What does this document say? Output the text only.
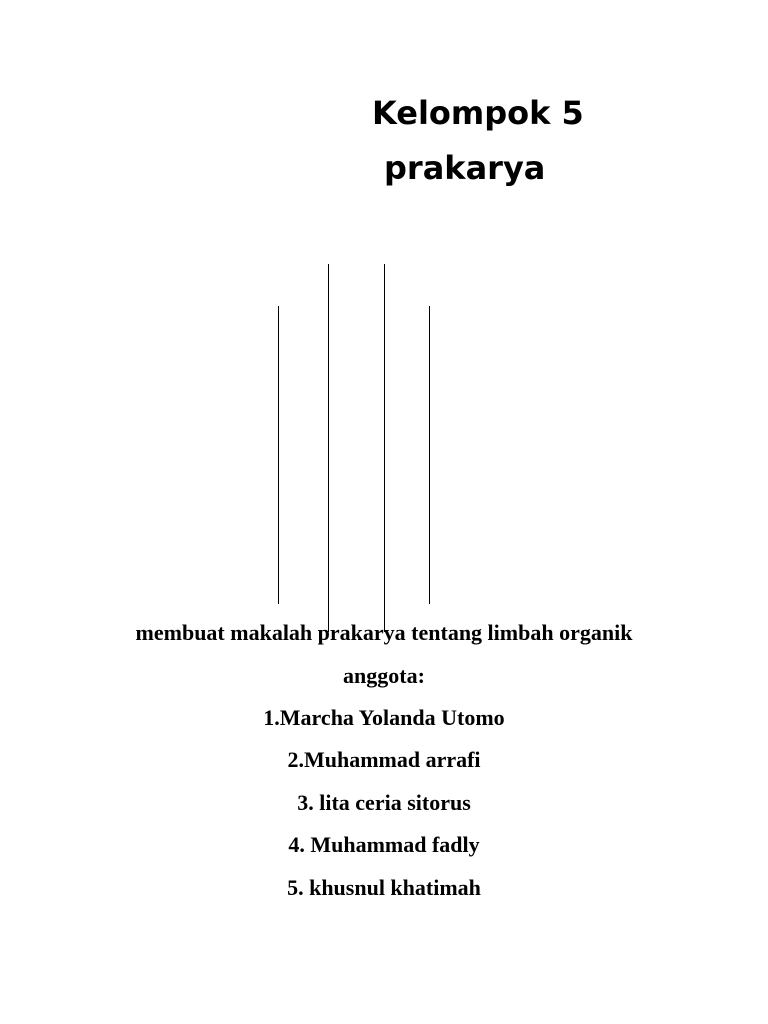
Kelompok 5
prakarya
membuat makalah prakarya tentang limbah organik
anggota:
1.Marcha Yolanda Utomo
2.Muhammad arrafi
3. lita ceria sitorus
4. Muhammad fadly
5. khusnul khatimah
